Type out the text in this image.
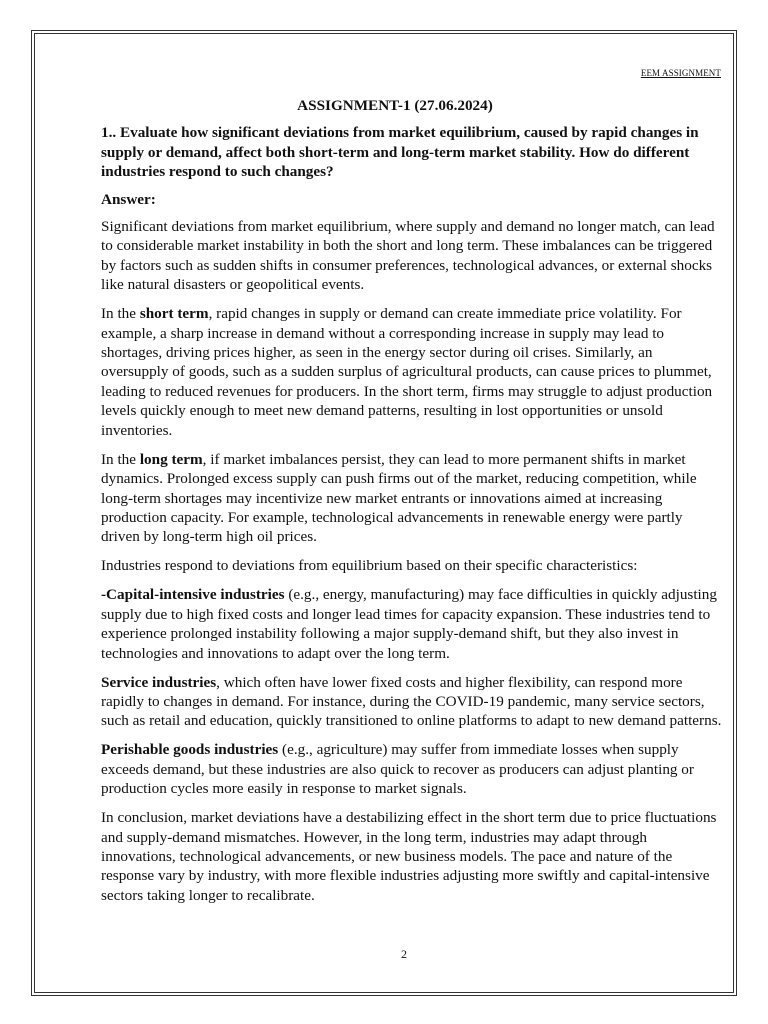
EEM ASSIGNMENT
ASSIGNMENT-1 (27.06.2024)
1.. Evaluate how significant deviations from market equilibrium, caused by rapid changes in supply or demand, affect both short-term and long-term market stability. How do different industries respond to such changes?
Answer:

Significant deviations from market equilibrium, where supply and demand no longer match, can lead to considerable market instability in both the short and long term. These imbalances can be triggered by factors such as sudden shifts in consumer preferences, technological advances, or external shocks like natural disasters or geopolitical events.

In the short term, rapid changes in supply or demand can create immediate price volatility. For example, a sharp increase in demand without a corresponding increase in supply may lead to shortages, driving prices higher, as seen in the energy sector during oil crises. Similarly, an oversupply of goods, such as a sudden surplus of agricultural products, can cause prices to plummet, leading to reduced revenues for producers. In the short term, firms may struggle to adjust production levels quickly enough to meet new demand patterns, resulting in lost opportunities or unsold inventories.

In the long term, if market imbalances persist, they can lead to more permanent shifts in market dynamics. Prolonged excess supply can push firms out of the market, reducing competition, while long-term shortages may incentivize new market entrants or innovations aimed at increasing production capacity. For example, technological advancements in renewable energy were partly driven by long-term high oil prices.

Industries respond to deviations from equilibrium based on their specific characteristics:

-Capital-intensive industries (e.g., energy, manufacturing) may face difficulties in quickly adjusting supply due to high fixed costs and longer lead times for capacity expansion. These industries tend to experience prolonged instability following a major supply-demand shift, but they also invest in technologies and innovations to adapt over the long term.

Service industries, which often have lower fixed costs and higher flexibility, can respond more rapidly to changes in demand. For instance, during the COVID-19 pandemic, many service sectors, such as retail and education, quickly transitioned to online platforms to adapt to new demand patterns.

Perishable goods industries (e.g., agriculture) may suffer from immediate losses when supply exceeds demand, but these industries are also quick to recover as producers can adjust planting or production cycles more easily in response to market signals.

In conclusion, market deviations have a destabilizing effect in the short term due to price fluctuations and supply-demand mismatches. However, in the long term, industries may adapt through innovations, technological advancements, or new business models. The pace and nature of the response vary by industry, with more flexible industries adjusting more swiftly and capital-intensive sectors taking longer to recalibrate.

2
